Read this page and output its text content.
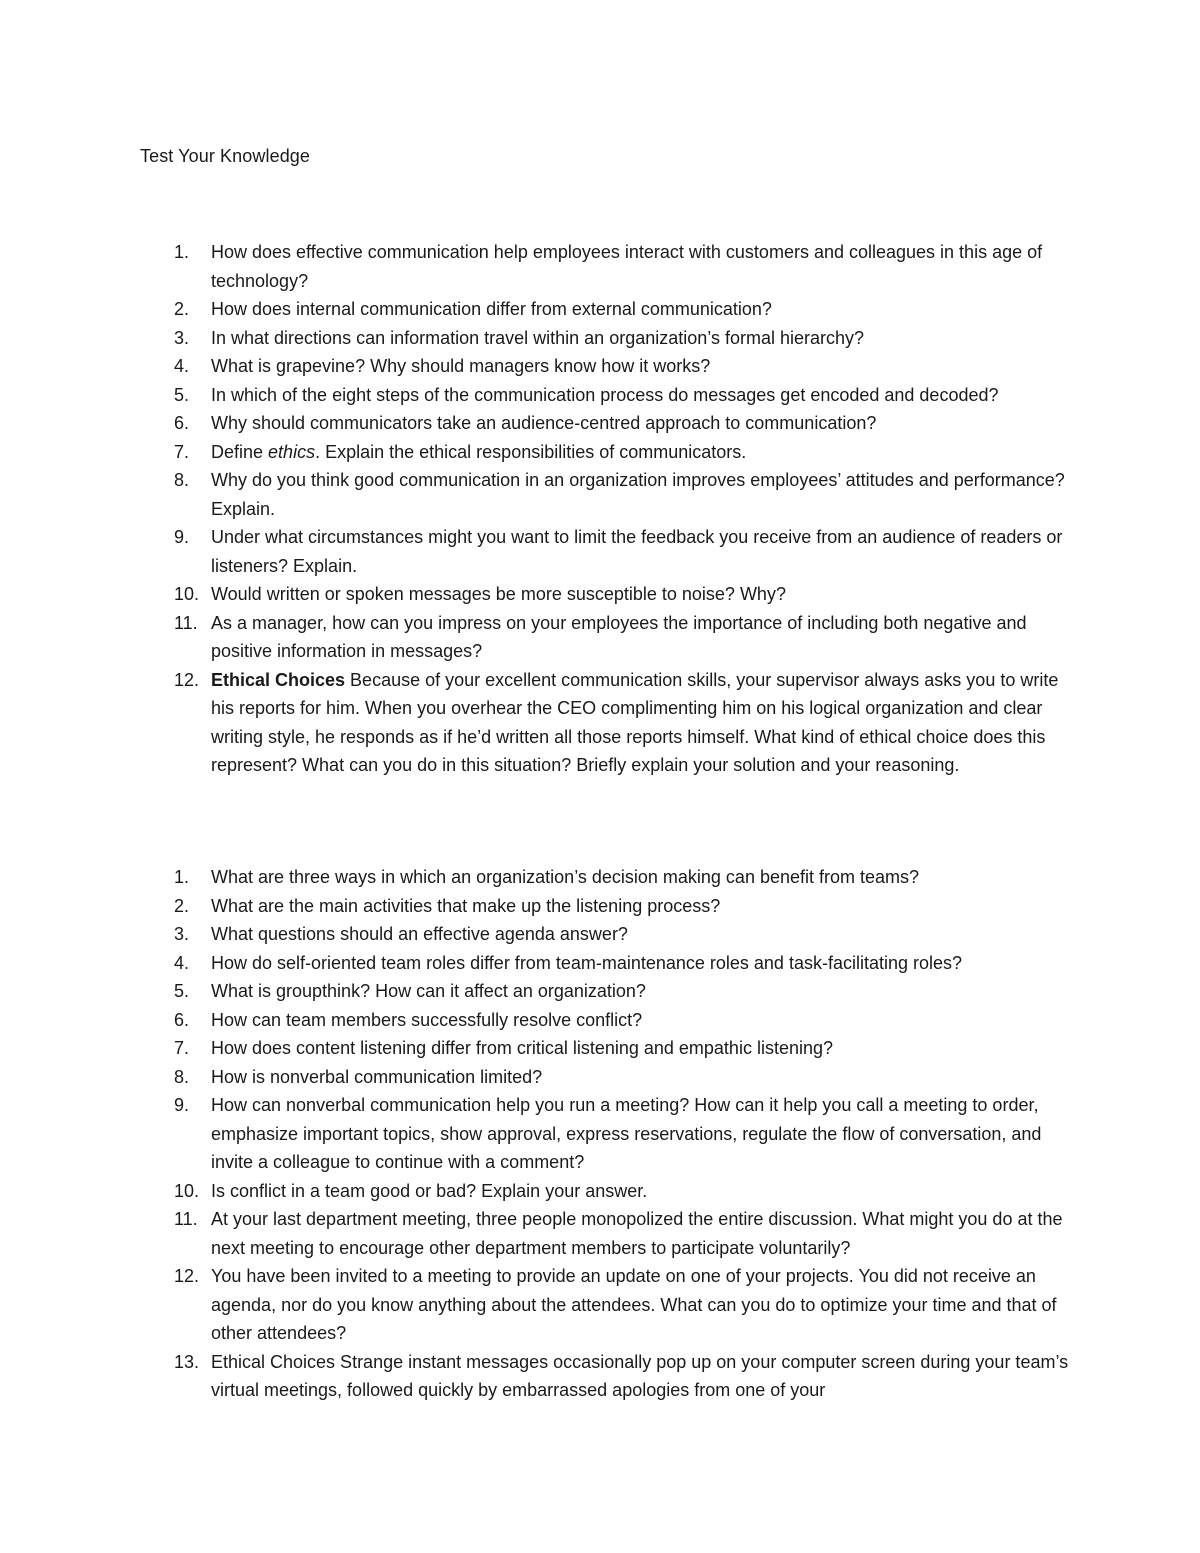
Test Your Knowledge
1. How does effective communication help employees interact with customers and colleagues in this age of technology?
2. How does internal communication differ from external communication?
3. In what directions can information travel within an organization’s formal hierarchy?
4. What is grapevine? Why should managers know how it works?
5. In which of the eight steps of the communication process do messages get encoded and decoded?
6. Why should communicators take an audience-centred approach to communication?
7. Define ethics. Explain the ethical responsibilities of communicators.
8. Why do you think good communication in an organization improves employees’ attitudes and performance? Explain.
9. Under what circumstances might you want to limit the feedback you receive from an audience of readers or listeners? Explain.
10. Would written or spoken messages be more susceptible to noise? Why?
11. As a manager, how can you impress on your employees the importance of including both negative and positive information in messages?
12. Ethical Choices Because of your excellent communication skills, your supervisor always asks you to write his reports for him. When you overhear the CEO complimenting him on his logical organization and clear writing style, he responds as if he’d written all those reports himself. What kind of ethical choice does this represent? What can you do in this situation? Briefly explain your solution and your reasoning.
1. What are three ways in which an organization’s decision making can benefit from teams?
2. What are the main activities that make up the listening process?
3. What questions should an effective agenda answer?
4. How do self-oriented team roles differ from team-maintenance roles and task-facilitating roles?
5. What is groupthink? How can it affect an organization?
6. How can team members successfully resolve conflict?
7. How does content listening differ from critical listening and empathic listening?
8. How is nonverbal communication limited?
9. How can nonverbal communication help you run a meeting? How can it help you call a meeting to order, emphasize important topics, show approval, express reservations, regulate the flow of conversation, and invite a colleague to continue with a comment?
10. Is conflict in a team good or bad? Explain your answer.
11. At your last department meeting, three people monopolized the entire discussion. What might you do at the next meeting to encourage other department members to participate voluntarily?
12. You have been invited to a meeting to provide an update on one of your projects. You did not receive an agenda, nor do you know anything about the attendees. What can you do to optimize your time and that of other attendees?
13. Ethical Choices Strange instant messages occasionally pop up on your computer screen during your team’s virtual meetings, followed quickly by embarrassed apologies from one of your
